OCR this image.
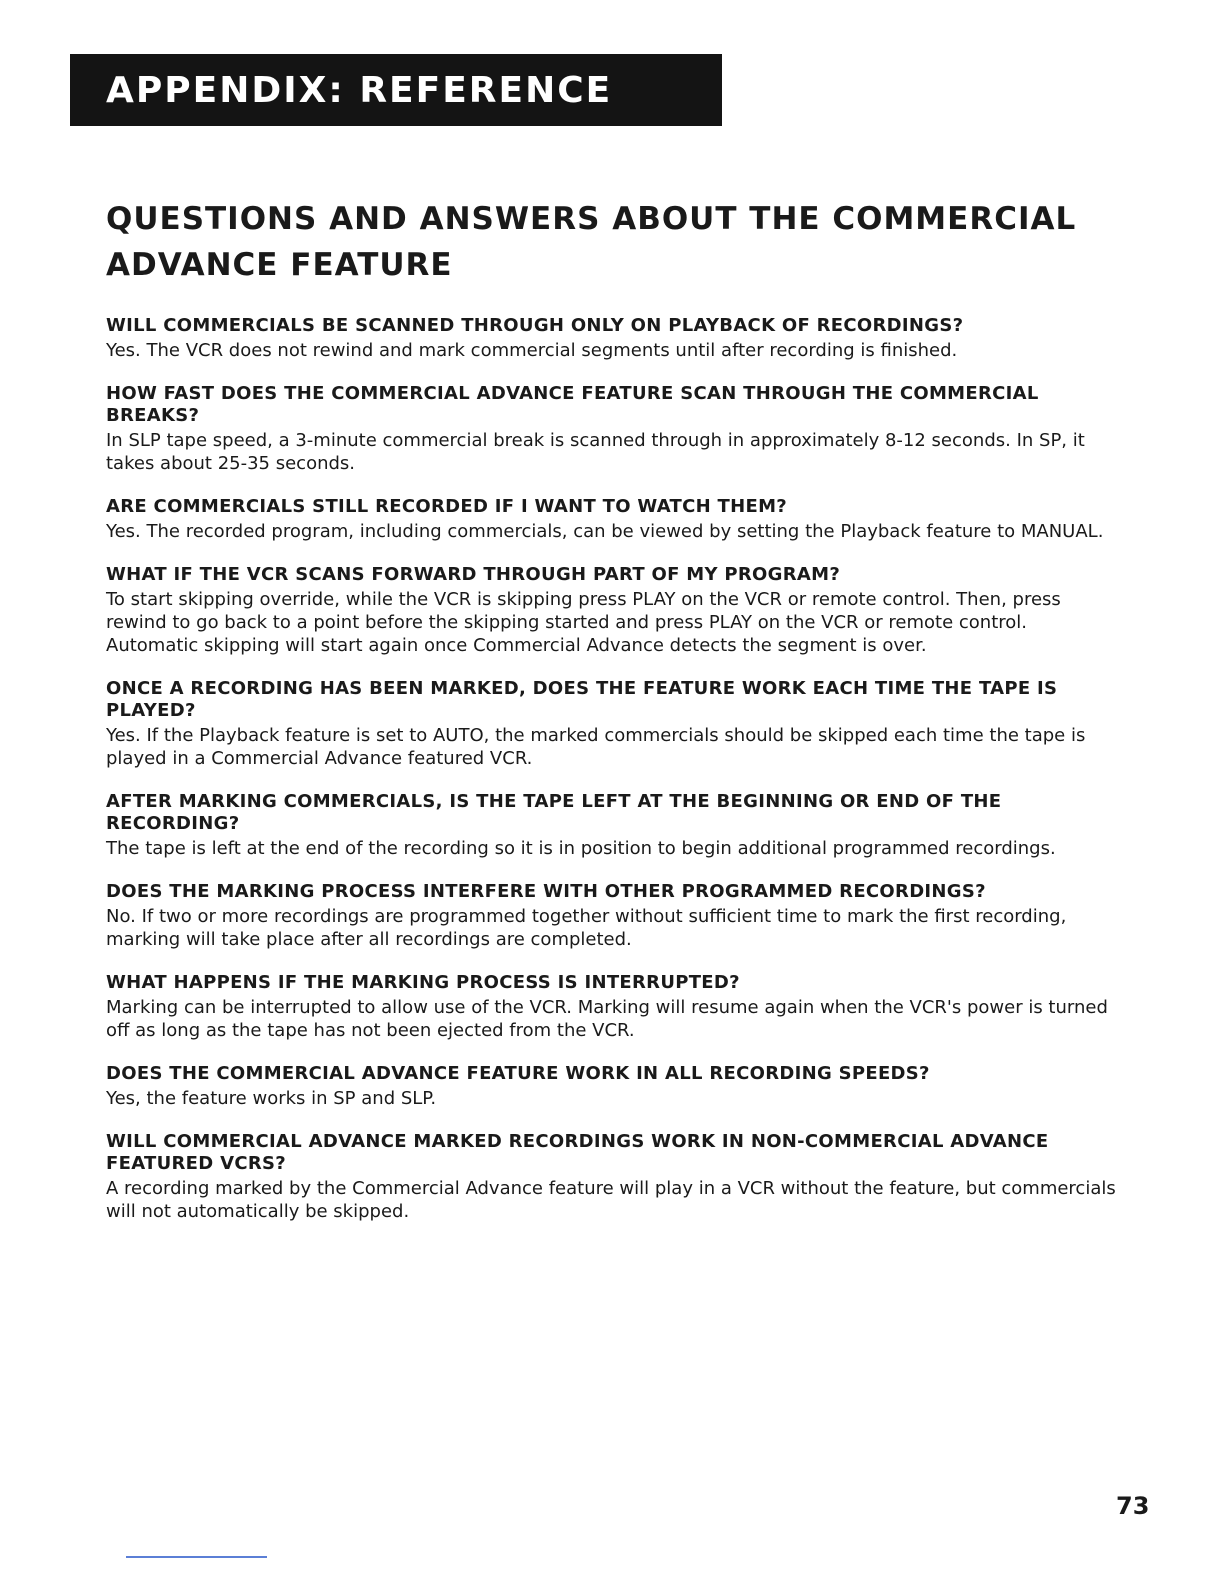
APPENDIX: REFERENCE
QUESTIONS AND ANSWERS ABOUT THE COMMERCIAL ADVANCE FEATURE
WILL COMMERCIALS BE SCANNED THROUGH ONLY ON PLAYBACK OF RECORDINGS?

Yes. The VCR does not rewind and mark commercial segments until after recording is finished.

HOW FAST DOES THE COMMERCIAL ADVANCE FEATURE SCAN THROUGH THE COMMERCIAL BREAKS?

In SLP tape speed, a 3-minute commercial break is scanned through in approximately 8-12 seconds. In SP, it takes about 25-35 seconds.

ARE COMMERCIALS STILL RECORDED IF I WANT TO WATCH THEM?

Yes. The recorded program, including commercials, can be viewed by setting the Playback feature to MANUAL.

WHAT IF THE VCR SCANS FORWARD THROUGH PART OF MY PROGRAM?

To start skipping override, while the VCR is skipping press PLAY on the VCR or remote control. Then, press rewind to go back to a point before the skipping started and press PLAY on the VCR or remote control. Automatic skipping will start again once Commercial Advance detects the segment is over.

ONCE A RECORDING HAS BEEN MARKED, DOES THE FEATURE WORK EACH TIME THE TAPE IS PLAYED?

Yes. If the Playback feature is set to AUTO, the marked commercials should be skipped each time the tape is played in a Commercial Advance featured VCR.

AFTER MARKING COMMERCIALS, IS THE TAPE LEFT AT THE BEGINNING OR END OF THE RECORDING?

The tape is left at the end of the recording so it is in position to begin additional programmed recordings.

DOES THE MARKING PROCESS INTERFERE WITH OTHER PROGRAMMED RECORDINGS?

No. If two or more recordings are programmed together without sufficient time to mark the first recording, marking will take place after all recordings are completed.

WHAT HAPPENS IF THE MARKING PROCESS IS INTERRUPTED?

Marking can be interrupted to allow use of the VCR. Marking will resume again when the VCR's power is turned off as long as the tape has not been ejected from the VCR.

DOES THE COMMERCIAL ADVANCE FEATURE WORK IN ALL RECORDING SPEEDS?

Yes, the feature works in SP and SLP.

WILL COMMERCIAL ADVANCE MARKED RECORDINGS WORK IN NON-COMMERCIAL ADVANCE FEATURED VCRS?

A recording marked by the Commercial Advance feature will play in a VCR without the feature, but commercials will not automatically be skipped.

73
